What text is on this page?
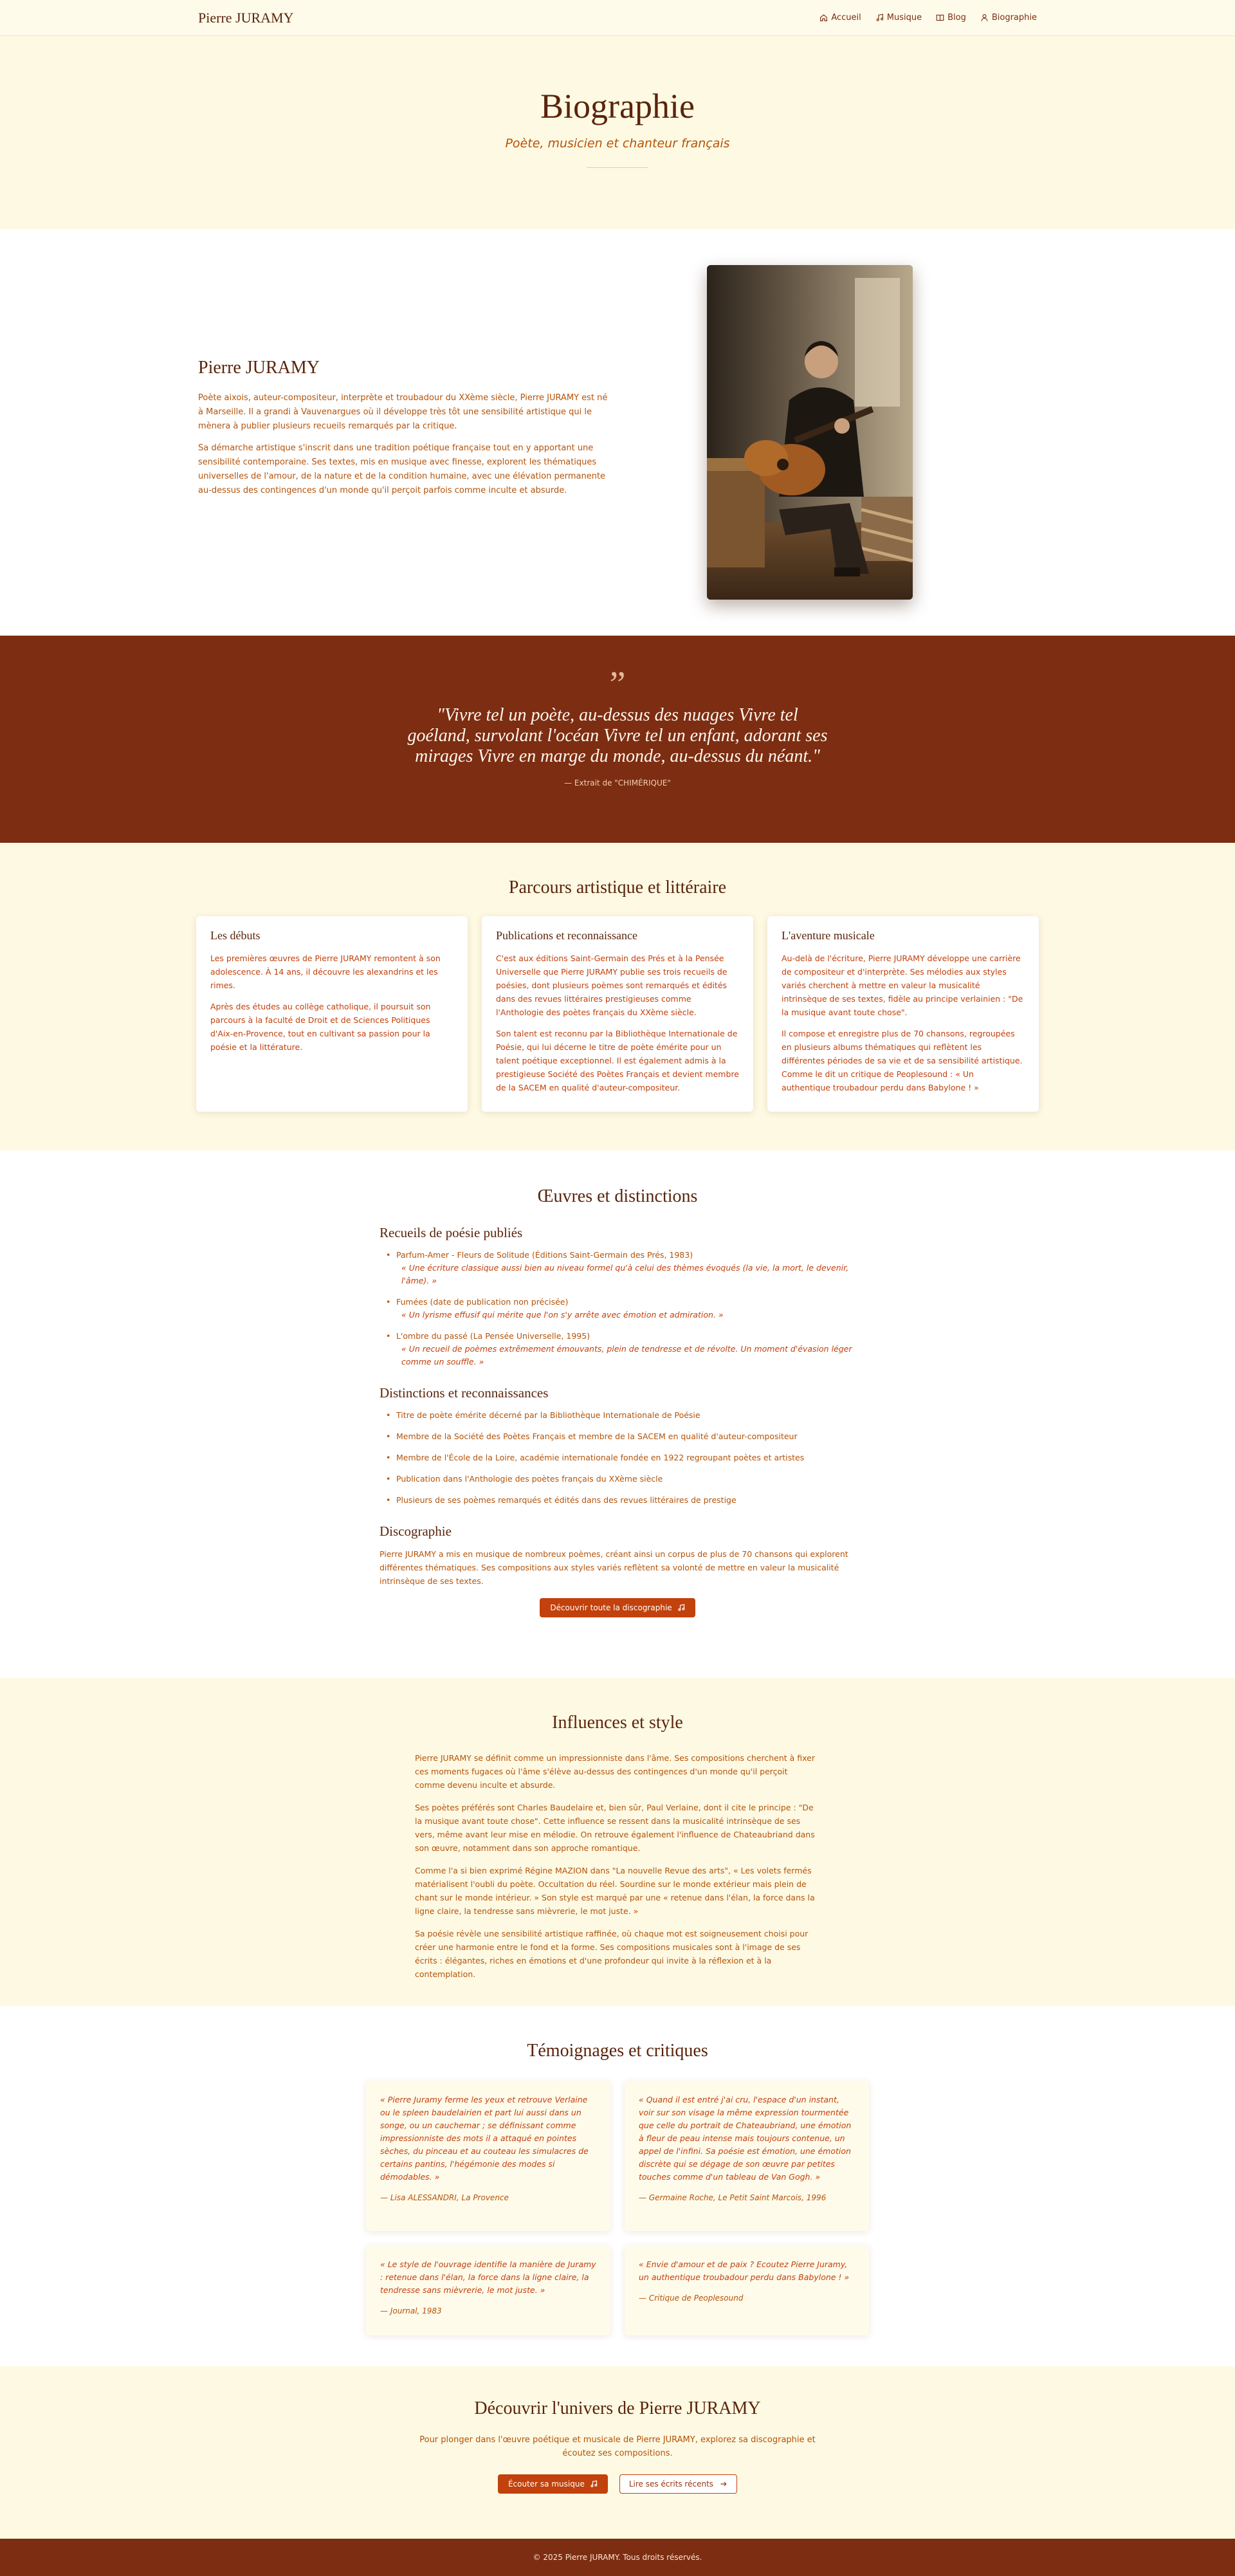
Pierre JURAMY	Accueil	Musique	Blog	Biographie
Biographie
Poète, musicien et chanteur français
Pierre JURAMY

Poète aixois, auteur-compositeur, interprète et troubadour du XXème siècle, Pierre JURAMY est né à Marseille. Il a grandi à Vauvenargues où il développe très tôt une sensibilité artistique qui le mènera à publier plusieurs recueils remarqués par la critique.

Sa démarche artistique s'inscrit dans une tradition poétique française tout en y apportant une sensibilité contemporaine. Ses textes, mis en musique avec finesse, explorent les thématiques universelles de l'amour, de la nature et de la condition humaine, avec une élévation permanente au-dessus des contingences d'un monde qu'il perçoit parfois comme inculte et absurde.

”
"Vivre tel un poète, au-dessus des nuages Vivre tel goéland, survolant l'océan Vivre tel un enfant, adorant ses mirages Vivre en marge du monde, au-dessus du néant."
— Extrait de "CHIMÉRIQUE"
Parcours artistique et littéraire
Les débuts

Les premières œuvres de Pierre JURAMY remontent à son adolescence. À 14 ans, il découvre les alexandrins et les rimes.

Après des études au collège catholique, il poursuit son parcours à la faculté de Droit et de Sciences Politiques d'Aix-en-Provence, tout en cultivant sa passion pour la poésie et la littérature.

Publications et reconnaissance

C'est aux éditions Saint-Germain des Prés et à la Pensée Universelle que Pierre JURAMY publie ses trois recueils de poésies, dont plusieurs poèmes sont remarqués et édités dans des revues littéraires prestigieuses comme l'Anthologie des poètes français du XXème siècle.

Son talent est reconnu par la Bibliothèque Internationale de Poésie, qui lui décerne le titre de poète émérite pour un talent poétique exceptionnel. Il est également admis à la prestigieuse Société des Poètes Français et devient membre de la SACEM en qualité d'auteur-compositeur.

L'aventure musicale

Au-delà de l'écriture, Pierre JURAMY développe une carrière de compositeur et d'interprète. Ses mélodies aux styles variés cherchent à mettre en valeur la musicalité intrinsèque de ses textes, fidèle au principe verlainien : "De la musique avant toute chose".

Il compose et enregistre plus de 70 chansons, regroupées en plusieurs albums thématiques qui reflètent les différentes périodes de sa vie et de sa sensibilité artistique. Comme le dit un critique de Peoplesound : « Un authentique troubadour perdu dans Babylone ! »

Œuvres et distinctions
Recueils de poésie publiés
• Parfum-Amer - Fleurs de Solitude (Éditions Saint-Germain des Prés, 1983)
« Une écriture classique aussi bien au niveau formel qu'à celui des thèmes évoqués (la vie, la mort, le devenir, l'âme). »
• Fumées (date de publication non précisée)
« Un lyrisme effusif qui mérite que l'on s'y arrête avec émotion et admiration. »
• L'ombre du passé (La Pensée Universelle, 1995)
« Un recueil de poèmes extrêmement émouvants, plein de tendresse et de révolte. Un moment d'évasion léger comme un souffle. »
Distinctions et reconnaissances
• Titre de poète émérite décerné par la Bibliothèque Internationale de Poésie
• Membre de la Société des Poètes Français et membre de la SACEM en qualité d'auteur-compositeur
• Membre de l'École de la Loire, académie internationale fondée en 1922 regroupant poètes et artistes
• Publication dans l'Anthologie des poètes français du XXème siècle
• Plusieurs de ses poèmes remarqués et édités dans des revues littéraires de prestige
Discographie

Pierre JURAMY a mis en musique de nombreux poèmes, créant ainsi un corpus de plus de 70 chansons qui explorent différentes thématiques. Ses compositions aux styles variés reflètent sa volonté de mettre en valeur la musicalité intrinsèque de ses textes.

Découvrir toute la discographie
Influences et style

Pierre JURAMY se définit comme un impressionniste dans l'âme. Ses compositions cherchent à fixer ces moments fugaces où l'âme s'élève au-dessus des contingences d'un monde qu'il perçoit comme devenu inculte et absurde.

Ses poètes préférés sont Charles Baudelaire et, bien sûr, Paul Verlaine, dont il cite le principe : "De la musique avant toute chose". Cette influence se ressent dans la musicalité intrinsèque de ses vers, même avant leur mise en mélodie. On retrouve également l'influence de Chateaubriand dans son œuvre, notamment dans son approche romantique.

Comme l'a si bien exprimé Régine MAZION dans "La nouvelle Revue des arts", « Les volets fermés matérialisent l'oubli du poète. Occultation du réel. Sourdine sur le monde extérieur mais plein de chant sur le monde intérieur. » Son style est marqué par une « retenue dans l'élan, la force dans la ligne claire, la tendresse sans mièvrerie, le mot juste. »

Sa poésie révèle une sensibilité artistique raffinée, où chaque mot est soigneusement choisi pour créer une harmonie entre le fond et la forme. Ses compositions musicales sont à l'image de ses écrits : élégantes, riches en émotions et d'une profondeur qui invite à la réflexion et à la contemplation.

Témoignages et critiques
« Pierre Juramy ferme les yeux et retrouve Verlaine ou le spleen baudelairien et part lui aussi dans un songe, ou un cauchemar ; se définissant comme impressionniste des mots il a attaqué en pointes sèches, du pinceau et au couteau les simulacres de certains pantins, l'hégémonie des modes si démodables. »
— Lisa ALESSANDRI, La Provence
« Quand il est entré j'ai cru, l'espace d'un instant, voir sur son visage la même expression tourmentée que celle du portrait de Chateaubriand, une émotion à fleur de peau intense mais toujours contenue, un appel de l'infini. Sa poésie est émotion, une émotion discrète qui se dégage de son œuvre par petites touches comme d'un tableau de Van Gogh. »
— Germaine Roche, Le Petit Saint Marcois, 1996
« Le style de l'ouvrage identifie la manière de Juramy : retenue dans l'élan, la force dans la ligne claire, la tendresse sans mièvrerie, le mot juste. »
— Journal, 1983
« Envie d'amour et de paix ? Ecoutez Pierre Juramy, un authentique troubadour perdu dans Babylone ! »
— Critique de Peoplesound
Découvrir l'univers de Pierre JURAMY

Pour plonger dans l'œuvre poétique et musicale de Pierre JURAMY, explorez sa discographie et écoutez ses compositions.

Écouter sa musique	Lire ses écrits récents
© 2025 Pierre JURAMY. Tous droits réservés.
